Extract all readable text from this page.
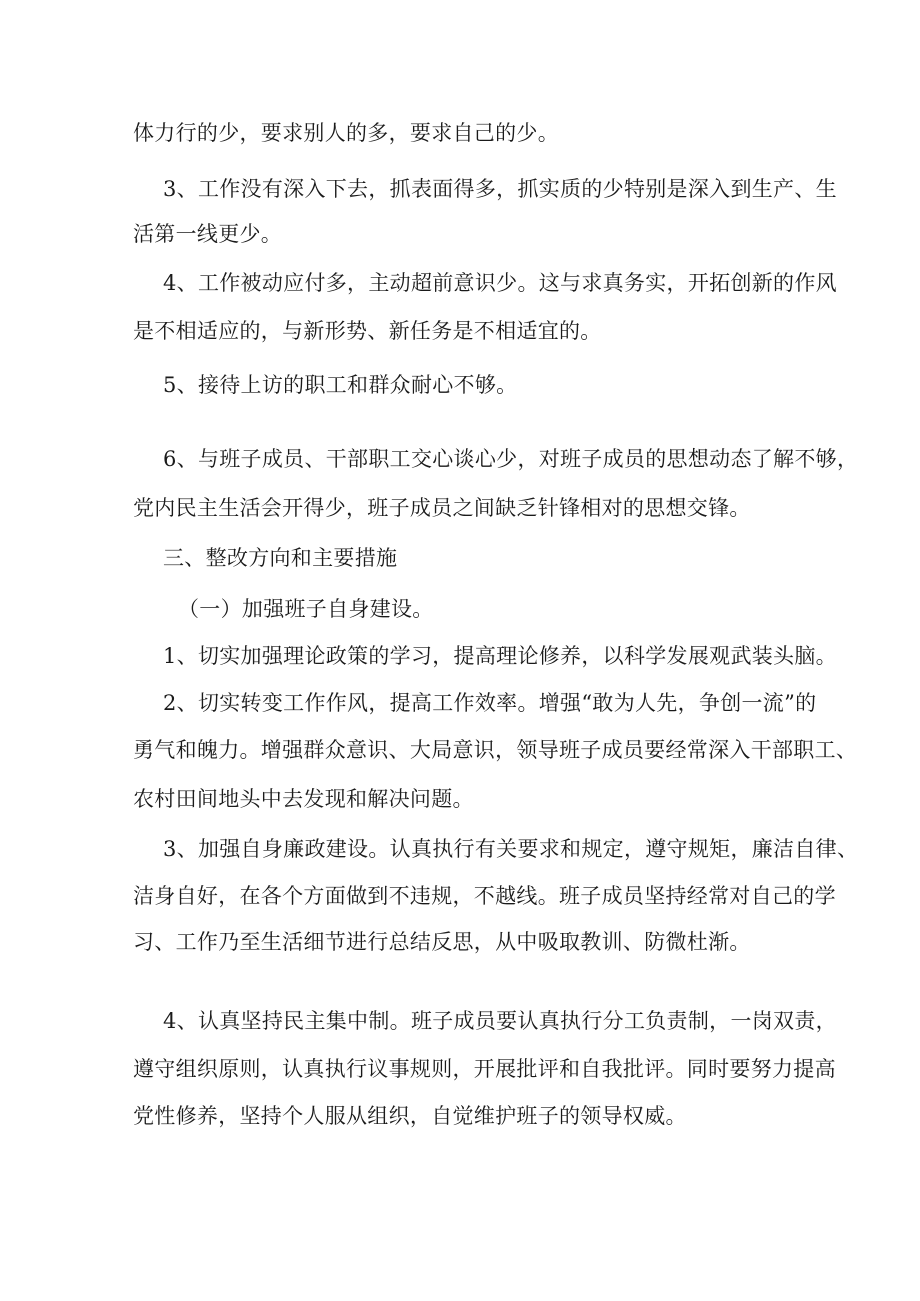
体力行的少，要求别人的多，要求自己的少。
3、工作没有深入下去，抓表面得多，抓实质的少特别是深入到生产、生
活第一线更少。
4、工作被动应付多，主动超前意识少。这与求真务实，开拓创新的作风
是不相适应的，与新形势、新任务是不相适宜的。
5、接待上访的职工和群众耐心不够。
6、与班子成员、干部职工交心谈心少，对班子成员的思想动态了解不够，
党内民主生活会开得少，班子成员之间缺乏针锋相对的思想交锋。
三、整改方向和主要措施
（一）加强班子自身建设。
1、切实加强理论政策的学习，提高理论修养，以科学发展观武装头脑。
2、切实转变工作作风，提高工作效率。增强“敢为人先，争创一流”的
勇气和魄力。增强群众意识、大局意识，领导班子成员要经常深入干部职工、
农村田间地头中去发现和解决问题。
3、加强自身廉政建设。认真执行有关要求和规定，遵守规矩，廉洁自律、
洁身自好，在各个方面做到不违规，不越线。班子成员坚持经常对自己的学
习、工作乃至生活细节进行总结反思，从中吸取教训、防微杜渐。
4、认真坚持民主集中制。班子成员要认真执行分工负责制，一岗双责，
遵守组织原则，认真执行议事规则，开展批评和自我批评。同时要努力提高
党性修养，坚持个人服从组织，自觉维护班子的领导权威。
